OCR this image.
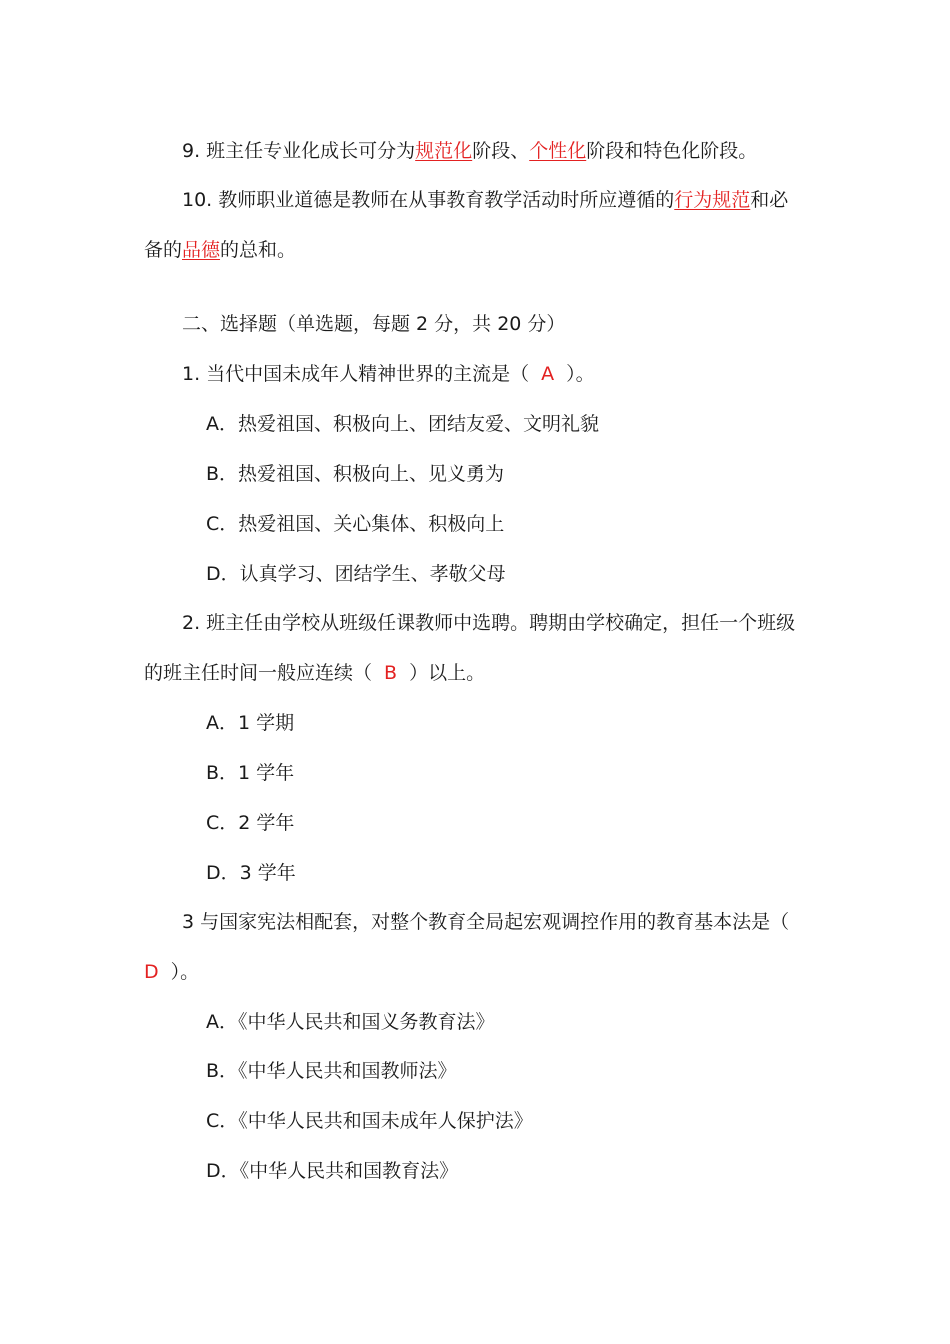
9. 班主任专业化成长可分为规范化阶段、个性化阶段和特色化阶段。
10. 教师职业道德是教师在从事教育教学活动时所应遵循的行为规范和必
备的品德的总和。
二、选择题（单选题，每题 2 分，共 20 分）
1. 当代中国未成年人精神世界的主流是（ A ）。
A．热爱祖国、积极向上、团结友爱、文明礼貌
B．热爱祖国、积极向上、见义勇为
C．热爱祖国、关心集体、积极向上
D．认真学习、团结学生、孝敬父母
2. 班主任由学校从班级任课教师中选聘。聘期由学校确定，担任一个班级
的班主任时间一般应连续（ B ）以上。
A．1 学期
B．1 学年
C．2 学年
D．3 学年
3 与国家宪法相配套，对整个教育全局起宏观调控作用的教育基本法是（
D ）。
A．《中华人民共和国义务教育法》
B．《中华人民共和国教师法》
C．《中华人民共和国未成年人保护法》
D．《中华人民共和国教育法》
